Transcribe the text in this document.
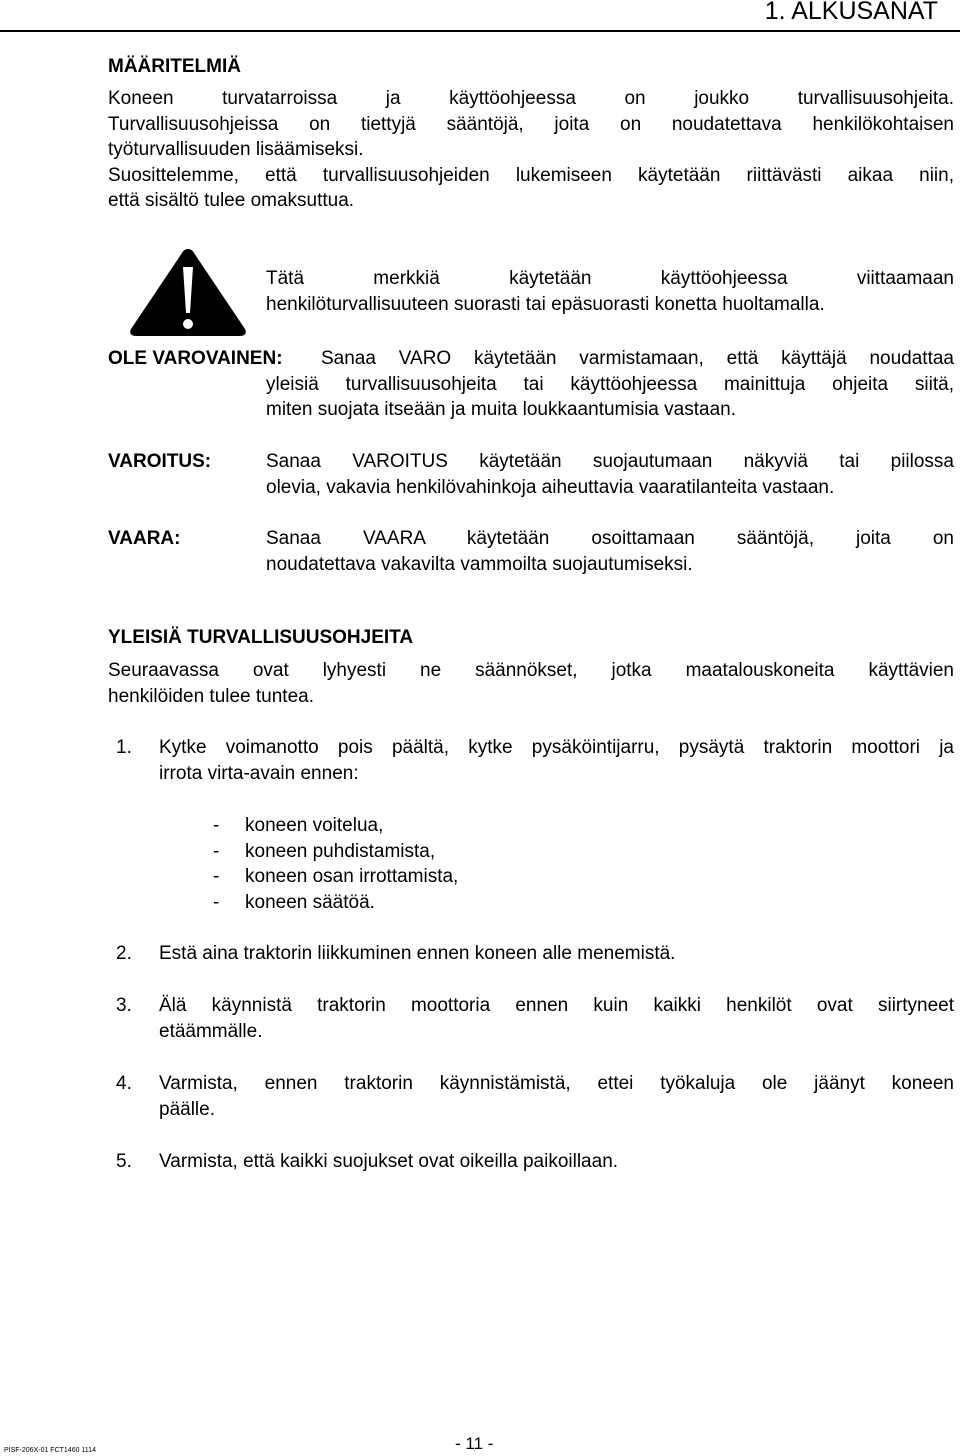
1. ALKUSANAT
MÄÄRITELMIÄ
Koneen turvatarroissa ja käyttöohjeessa on joukko turvallisuusohjeita.
Turvallisuusohjeissa on tiettyjä sääntöjä, joita on noudatettava henkilökohtaisen
työturvallisuuden lisäämiseksi.
Suosittelemme, että turvallisuusohjeiden lukemiseen käytetään riittävästi aikaa niin,
että sisältö tulee omaksuttua.
Tätä merkkiä käytetään käyttöohjeessa viittaamaan
henkilöturvallisuuteen suorasti tai epäsuorasti konetta huoltamalla.
OLE VAROVAINEN: Sanaa VARO käytetään varmistamaan, että käyttäjä noudattaa
yleisiä turvallisuusohjeita tai käyttöohjeessa mainittuja ohjeita siitä,
miten suojata itseään ja muita loukkaantumisia vastaan.
VAROITUS:	Sanaa VAROITUS käytetään suojautumaan näkyviä tai piilossa
olevia, vakavia henkilövahinkoja aiheuttavia vaaratilanteita vastaan.
VAARA:	Sanaa VAARA käytetään osoittamaan sääntöjä, joita on
noudatettava vakavilta vammoilta suojautumiseksi.
YLEISIÄ TURVALLISUUSOHJEITA
Seuraavassa ovat lyhyesti ne säännökset, jotka maatalouskoneita käyttävien
henkilöiden tulee tuntea.
1. Kytke voimanotto pois päältä, kytke pysäköintijarru, pysäytä traktorin moottori ja
irrota virta-avain ennen:
-	koneen voitelua,
-	koneen puhdistamista,
-	koneen osan irrottamista,
-	koneen säätöä.
2. Estä aina traktorin liikkuminen ennen koneen alle menemistä.
3. Älä käynnistä traktorin moottoria ennen kuin kaikki henkilöt ovat siirtyneet
etäämmälle.
4. Varmista, ennen traktorin käynnistämistä, ettei työkaluja ole jäänyt koneen
päälle.
5. Varmista, että kaikki suojukset ovat oikeilla paikoillaan.
PISF-206X-01 FCT1460 1114	- 11 -
